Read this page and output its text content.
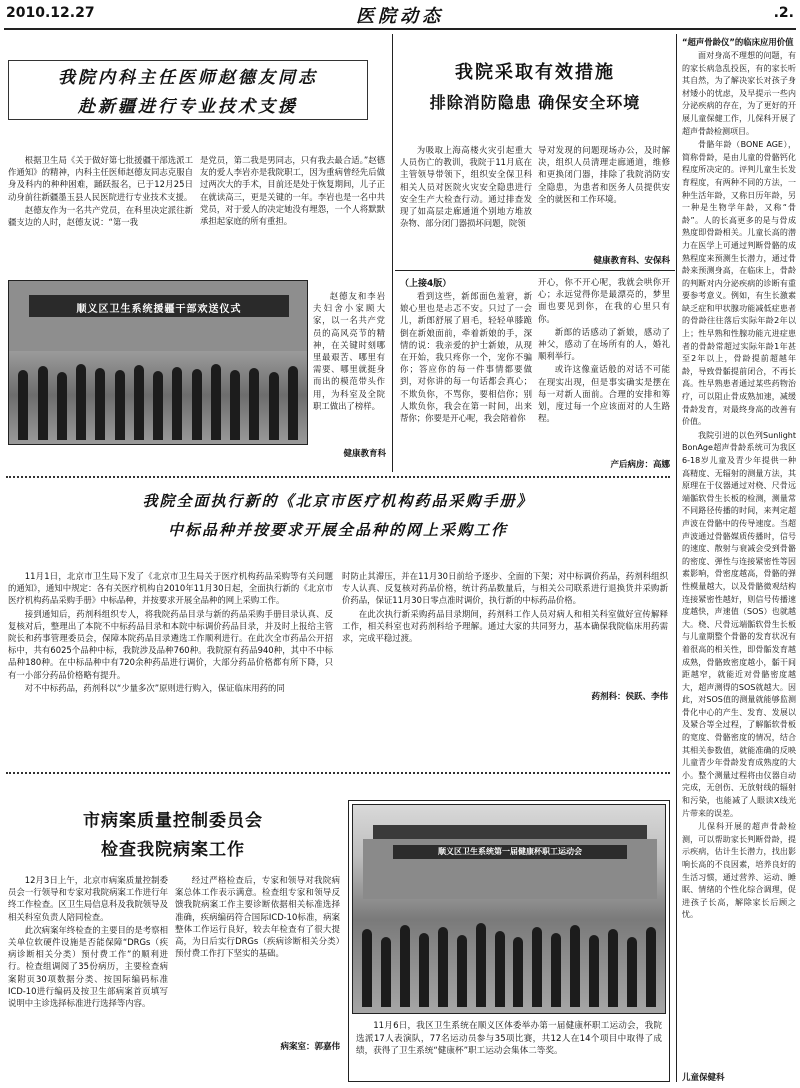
2010.12.27	医院动态	.2.
我院内科主任医师赵德友同志
赴新疆进行专业技术支援

根据卫生局《关于做好第七批援疆干部选派工作通知》的精神，内科主任医师赵德友同志克服自身及科内的种种困难，踊跃报名，已于12月25日动身前往新疆墨玉县人民医院进行专业技术支援。

赵德友作为一名共产党员，在科里决定派往新疆支边的人时，赵德友说：“第一我

是党员，第二我是男同志，只有我去最合适。”赵德友的爱人李岩亦是我院职工，因为重病曾经先后做过两次大的手术，目前还是处于恢复期间，儿子正在就读高三，更是关键的一年。李岩也是一名中共党员，对于爱人的决定她没有埋怨，一个人将默默承担起家庭的所有重担。

顺义区卫生系统援疆干部欢送仪式

赵德友和李岩夫妇舍小家顾大家，以一名共产党员的高风亮节的精神，在关键时刻哪里最艰苦、哪里有需要、哪里就挺身而出的模范带头作用，为科室及全院职工做出了榜样。

健康教育科
我院采取有效措施
排除消防隐患 确保安全环境

为吸取上海高楼火灾引起重大人员伤亡的教训，我院于11月底在主管领导带领下，组织安全保卫科相关人员对医院火灾安全隐患进行安全生产大检查行动。通过排查发现了如高层走廊通道个别地方堆放杂物、部分闭门器损坏问题，院领

导对发现的问题现场办公，及时解决，组织人员清理走廊通道，维修和更换闭门器，排除了我院消防安全隐患，为患者和医务人员提供安全的就医和工作环境。

健康教育科、安保科
（上接4版）

看到这些，新郎面色羞窘，新娘心里也是忐忑不安。只过了一会儿，新郎舒展了眉毛，轻轻单膝跪倒在新娘面前，牵着新娘的手，深情的说：我亲爱的护士新娘，从现在开始，我只疼你一个，宠你不骗你；答应你的每一件事情都要做到，对你讲的每一句话都会真心；不欺负你，不骂你，要相信你；别人欺负你，我会在第一时间，出来帮你；你要是开心呢，我会陪着你

开心，你不开心呢，我就会哄你开心；永远觉得你是最漂亮的，梦里面也要见到你，在我的心里只有你。

新郎的话感动了新娘，感动了神父，感动了在场所有的人，婚礼顺利举行。

或许这像童话般的对话不可能在现实出现，但是事实确实是摆在每一对新人面前。合理的安排和筹划，度过每一个应该面对的人生路程。

产后病房：高娜
我院全面执行新的《北京市医疗机构药品采购手册》
中标品种并按要求开展全品种的网上采购工作

11月1日，北京市卫生局下发了《北京市卫生局关于医疗机构药品采购等有关问题的通知》，通知中规定：各有关医疗机构自2010年11月30日起，全面执行新的《北京市医疗机构药品采购手册》中标品种，并按要求开展全品种的网上采购工作。

接到通知后，药剂科组织专人，将我院药品目录与新的药品采购手册目录认真、反复核对后，整理出了本院不中标药品目录和本院中标调价药品目录，并及时上报给主管院长和药事管理委员会，保障本院药品目录遴选工作顺利进行。在此次全市药品公开招标中，共有6025个品种中标，我院涉及品种760种。我院原有药品940种，其中不中标品种180种。在中标品种中有720余种药品进行调价，大部分药品价格都有所下降，只有一小部分药品价格略有提升。

对不中标药品，药剂科以“少量多次”原则进行购入，保证临床用药的同

时防止其滞压，并在11月30日前给予逐步、全面的下架；对中标调价药品，药剂科组织专人认真、反复核对药品价格，统计药品数量后，与相关公司联系进行退换货并采购新价药品，保证11月30日零点准时调价，执行新的中标药品价格。

在此次执行新采购药品目录期间，药剂科工作人员对病人和相关科室做好宣传解释工作，相关科室也对药剂科给予理解。通过大家的共同努力，基本确保我院临床用药需求，完成平稳过渡。

药剂科：侯跃、李伟
市病案质量控制委员会
检查我院病案工作

12月3日上午，北京市病案质量控制委员会一行领导和专家对我院病案工作进行年终工作检查。区卫生局信息科及我院领导及相关科室负责人陪同检查。

此次病案年终检查的主要目的是考察相关单位软硬件设施是否能保障“DRGs（疾病诊断相关分类）预付费工作”的顺利进行。检查组调阅了35份病历，主要检查病案附页30项数据分类、按国际编码标准ICD-10进行编码及按卫生部病案首页填写说明中主诊选择标准进行选择等内容。

经过严格检查后，专家和领导对我院病案总体工作表示满意。检查组专家和领导反馈我院病案工作主要诊断依据相关标准选择准确，疾病编码符合国际ICD-10标准，病案整体工作运行良好，较去年检查有了很大提高，为日后实行DRGs（疾病诊断相关分类）预付费工作打下坚实的基础。

病案室：郭嘉伟
顺义区卫生系统第一届健康杯职工运动会

11月6日，我区卫生系统在顺义区体委举办第一届健康杯职工运动会，我院选派17人表演队，77名运动员参与35项比赛，共12人在14个项目中取得了成绩，获得了卫生系统“健康杯”职工运动会集体二等奖。

“超声骨龄仪”的临床应用价值

面对身高不理想的问题，有的家长病急乱投医，有的家长听其自然，为了解决家长对孩子身材矮小的忧虑，及早提示一些内分泌疾病的存在，为了更好的开展儿童保健工作，儿保科开展了超声骨龄检测项目。

骨骼年龄（BONE AGE），简称骨龄，是由儿童的骨骼钙化程度所决定的。评判儿童生长发育程度，有两种不同的方法，一种生活年龄，又称日历年龄，另一种是生物学年龄，又称“骨龄”。人的长高更多的是与骨成熟度即骨龄相关。儿童长高的潜力在医学上可通过判断骨骼的成熟程度来预测生长潜力，通过骨龄来预测身高，在临床上，骨龄的判断对内分泌疾病的诊断有重要参考意义。例如，有生长激素缺乏症和甲状腺功能减低症患者的骨龄往往落后实际年龄2年以上；性早熟和性腺功能亢进症患者的骨龄常超过实际年龄1年甚至2年以上，骨龄提前超越年龄，导致骨骺提前闭合，不再长高。性早熟患者通过某些药物治疗，可以阻止骨成熟加速，减缓骨龄发育，对最终身高的改善有价值。

我院引进的以色列Sunlight BonAge超声骨龄系统可为我区6-18岁儿童及青少年提供一种高精度、无辐射的测量方法，其原理在于仪器通过对桡、尺骨远端骺软骨生长板的检测，测量常不同路径传播的时间，来判定超声波在骨骼中的传导速度。当超声波通过骨骼媒质传播时，信号的速度、散射与衰减会受到骨骼的密度、弹性与连接紧密性等因素影响，骨密度越高，骨骼的弹性模量越大，以及骨骼微观结构连接紧密性越好，则信号传播速度越快，声速值（SOS）也就越大。桡、尺骨远端骺软骨生长板与儿童期整个骨骼的发育状况有着很高的相关性，即骨骺发育越成熟，骨骼致密度越小，骺干间距越窄，就能近对骨骼密度越大，超声测得的SOS就越大。因此，对SOS值的测量就能够监测骨化中心的产生、发育、发展以及紧合等全过程，了解骺软骨板的宽度、骨骼密度的情况，结合其相关参数值，就能准确的反映儿童青少年骨龄发育成熟度的大小。整个测量过程将由仪器自动完成，无创伤、无放射线的辐射和污染，也能减了人眼读X线光片带来的误差。

儿保科开展的超声骨龄检测，可以帮助家长判断骨龄，提示疾病，估计生长潜力，找出影响长高的不良因素，培养良好的生活习惯，通过营养、运动、睡眠、情绪的个性化综合调理，促进孩子长高，解除家长后顾之忧。

儿童保健科
